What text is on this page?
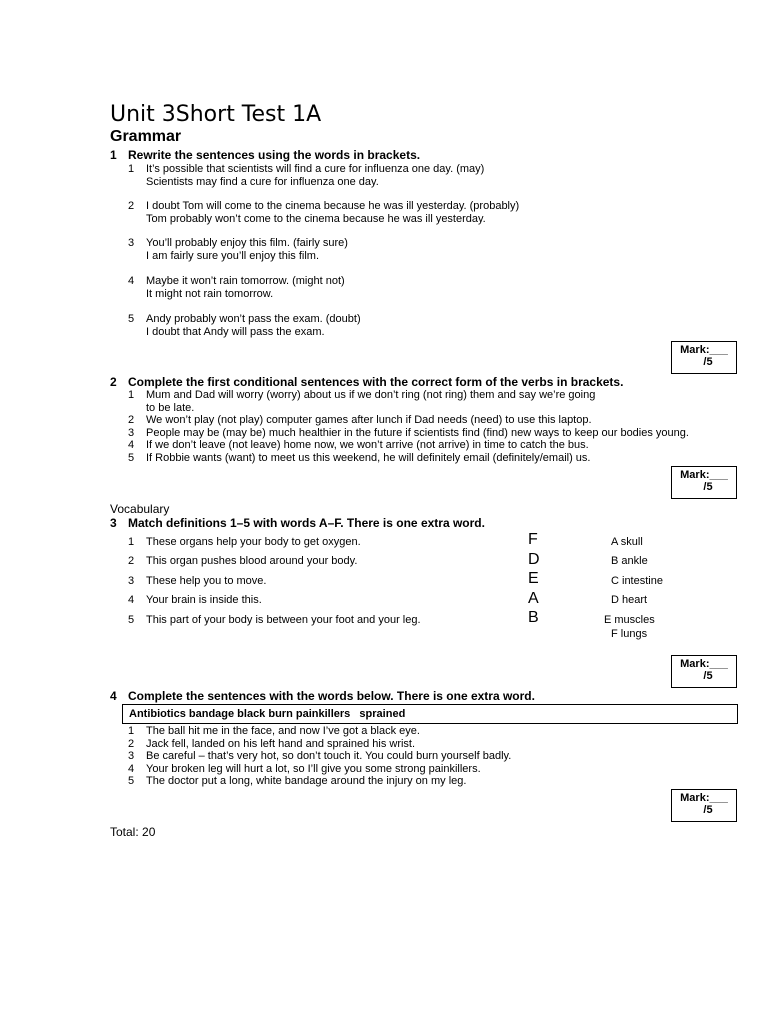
Unit 3Short Test 1A
Grammar
1 Rewrite the sentences using the words in brackets.
1 It’s possible that scientists will find a cure for influenza one day. (may)
Scientists may find a cure for influenza one day.
2 I doubt Tom will come to the cinema because he was ill yesterday. (probably)
Tom probably won’t come to the cinema because he was ill yesterday.
3 You’ll probably enjoy this film. (fairly sure)
I am fairly sure you’ll enjoy this film.
4 Maybe it won’t rain tomorrow. (might not)
It might not rain tomorrow.
5 Andy probably won’t pass the exam. (doubt)
I doubt that Andy will pass the exam.
Mark:___
/5
2 Complete the first conditional sentences with the correct form of the verbs in brackets.
1 Mum and Dad will worry (worry) about us if we don’t ring (not ring) them and say we’re going
to be late.
2 We won’t play (not play) computer games after lunch if Dad needs (need) to use this laptop.
3 People may be (may be) much healthier in the future if scientists find (find) new ways to keep our bodies young.
4 If we don’t leave (not leave) home now, we won’t arrive (not arrive) in time to catch the bus.
5 If Robbie wants (want) to meet us this weekend, he will definitely email (definitely/email) us.
Mark:___
/5
Vocabulary
3 Match definitions 1–5 with words A–F. There is one extra word.
1 These organs help your body to get oxygen.
2 This organ pushes blood around your body.
3 These help you to move.
4 Your brain is inside this.
5 This part of your body is between your foot and your leg.
F
D
E
A
B
A skull
B ankle
C intestine
D heart
E muscles
F lungs
Mark:___
/5
4 Complete the sentences with the words below. There is one extra word.
Antibiotics bandage black burn painkillers   sprained
1 The ball hit me in the face, and now I’ve got a black eye.
2 Jack fell, landed on his left hand and sprained his wrist.
3 Be careful – that’s very hot, so don’t touch it. You could burn yourself badly.
4 Your broken leg will hurt a lot, so I’ll give you some strong painkillers.
5 The doctor put a long, white bandage around the injury on my leg.
Mark:___
/5
Total: 20
